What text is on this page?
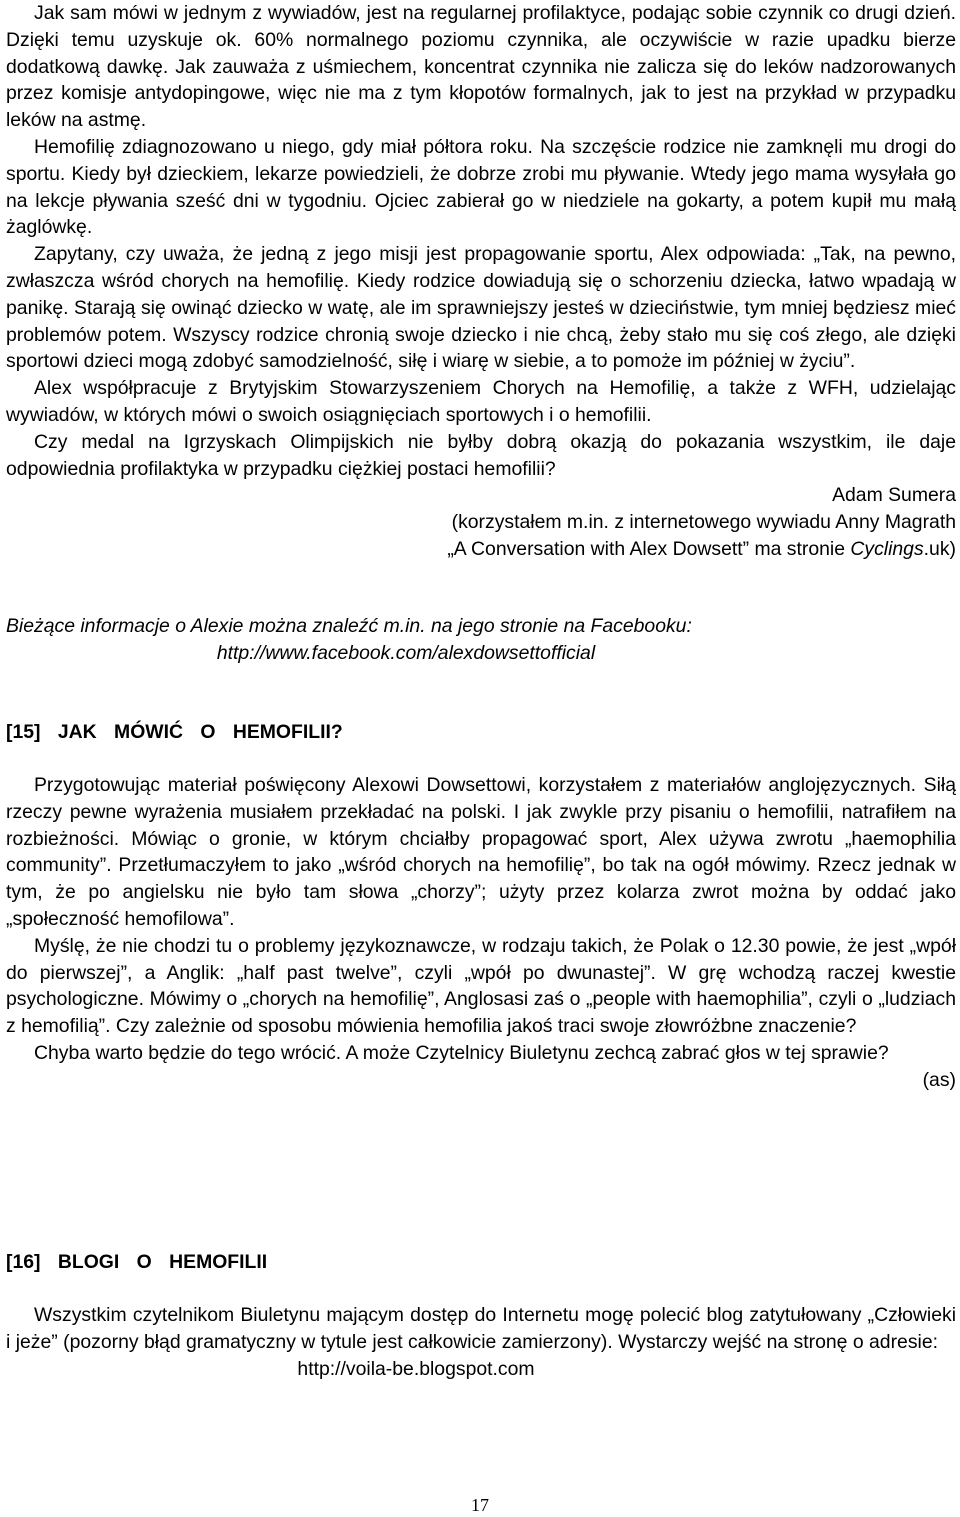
Jak sam mówi w jednym z wywiadów, jest na regularnej profilaktyce, podając sobie czynnik co drugi dzień. Dzięki temu uzyskuje ok. 60% normalnego poziomu czynnika, ale oczywiście w razie upadku bierze dodatkową dawkę. Jak zauważa z uśmiechem, koncentrat czynnika nie zalicza się do leków nadzorowanych przez komisje antydopingowe, więc nie ma z tym kłopotów formalnych, jak to jest na przykład w przypadku leków na astmę.

Hemofilię zdiagnozowano u niego, gdy miał półtora roku. Na szczęście rodzice nie zamknęli mu drogi do sportu. Kiedy był dzieckiem, lekarze powiedzieli, że dobrze zrobi mu pływanie. Wtedy jego mama wysyłała go na lekcje pływania sześć dni w tygodniu. Ojciec zabierał go w niedziele na gokarty, a potem kupił mu małą żaglówkę.

Zapytany, czy uważa, że jedną z jego misji jest propagowanie sportu, Alex odpowiada: „Tak, na pewno, zwłaszcza wśród chorych na hemofilię. Kiedy rodzice dowiadują się o schorzeniu dziecka, łatwo wpadają w panikę. Starają się owinąć dziecko w watę, ale im sprawniejszy jesteś w dzieciństwie, tym mniej będziesz mieć problemów potem. Wszyscy rodzice chronią swoje dziecko i nie chcą, żeby stało mu się coś złego, ale dzięki sportowi dzieci mogą zdobyć samodzielność, siłę i wiarę w siebie, a to pomoże im później w życiu”.

Alex współpracuje z Brytyjskim Stowarzyszeniem Chorych na Hemofilię, a także z WFH, udzielając wywiadów, w których mówi o swoich osiągnięciach sportowych i o hemofilii.

Czy medal na Igrzyskach Olimpijskich nie byłby dobrą okazją do pokazania wszystkim, ile daje odpowiednia profilaktyka w przypadku ciężkiej postaci hemofilii?

Adam Sumera

(korzystałem m.in. z internetowego wywiadu Anny Magrath

„A Conversation with Alex Dowsett” ma stronie Cyclings.uk)

Bieżące informacje o Alexie można znaleźć m.in. na jego stronie na Facebooku:

http://www.facebook.com/alexdowsettofficial

[15] JAK MÓWIĆ O HEMOFILII?

Przygotowując materiał poświęcony Alexowi Dowsettowi, korzystałem z materiałów anglojęzycznych. Siłą rzeczy pewne wyrażenia musiałem przekładać na polski. I jak zwykle przy pisaniu o hemofilii, natrafiłem na rozbieżności. Mówiąc o gronie, w którym chciałby propagować sport, Alex używa zwrotu „haemophilia community”. Przetłumaczyłem to jako „wśród chorych na hemofilię”, bo tak na ogół mówimy. Rzecz jednak w tym, że po angielsku nie było tam słowa „chorzy”; użyty przez kolarza zwrot można by oddać jako „społeczność hemofilowa”.

Myślę, że nie chodzi tu o problemy językoznawcze, w rodzaju takich, że Polak o 12.30 powie, że jest „wpół do pierwszej”, a Anglik: „half past twelve”, czyli „wpół po dwunastej”. W grę wchodzą raczej kwestie psychologiczne. Mówimy o „chorych na hemofilię”, Anglosasi zaś o „people with haemophilia”, czyli o „ludziach z hemofilią”. Czy zależnie od sposobu mówienia hemofilia jakoś traci swoje złowróżbne znaczenie?

Chyba warto będzie do tego wrócić. A może Czytelnicy Biuletynu zechcą zabrać głos w tej sprawie?

(as)

[16] BLOGI O HEMOFILII

Wszystkim czytelnikom Biuletynu mającym dostęp do Internetu mogę polecić blog zatytułowany „Człowieki i jeże” (pozorny błąd gramatyczny w tytule jest całkowicie zamierzony). Wystarczy wejść na stronę o adresie:

http://voila-be.blogspot.com

17
